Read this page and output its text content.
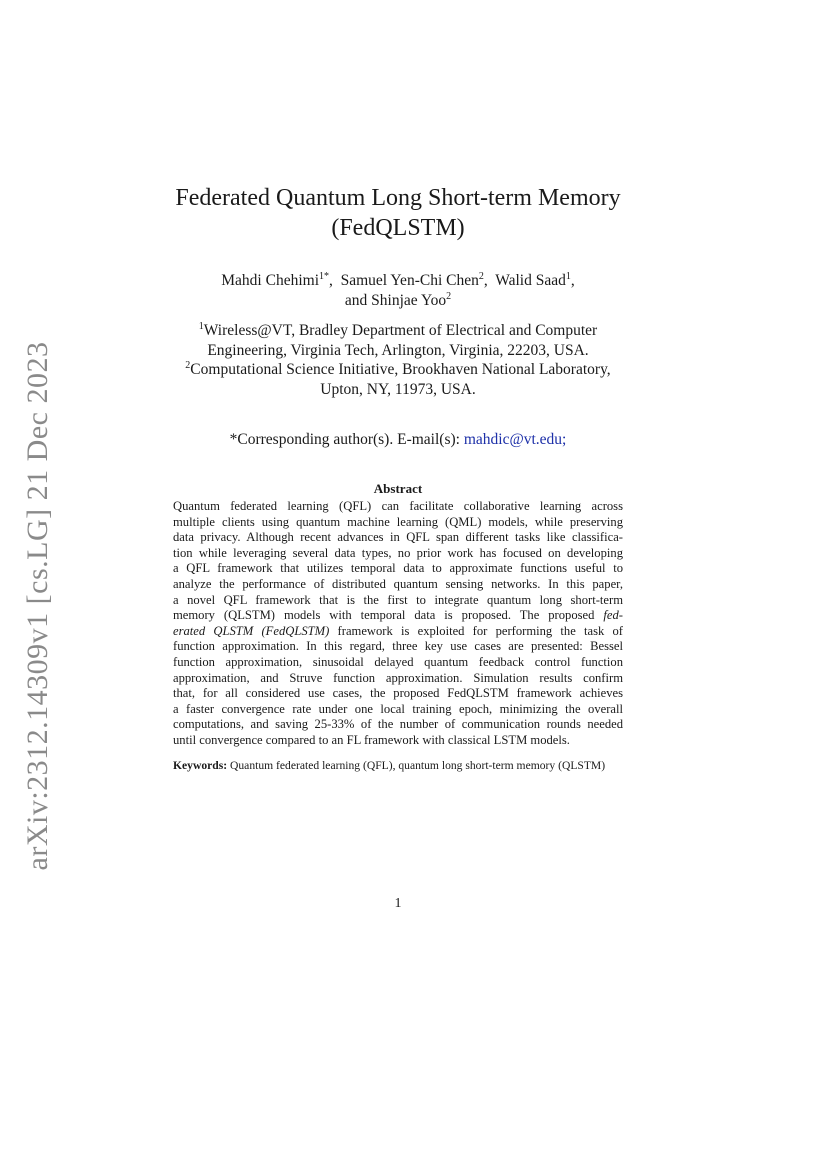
arXiv:2312.14309v1 [cs.LG] 21 Dec 2023
Federated Quantum Long Short-term Memory
(FedQLSTM)
Mahdi Chehimi$^{1*}$,  Samuel Yen-Chi Chen$^2$,  Walid Saad$^1$,
and Shinjae Yoo$^2$
$^1$Wireless@VT, Bradley Department of Electrical and Computer
Engineering, Virginia Tech, Arlington, Virginia, 22203, USA.
$^2$Computational Science Initiative, Brookhaven National Laboratory,
Upton, NY, 11973, USA.
*Corresponding author(s). E-mail(s): mahdic@vt.edu;
Abstract
Quantum federated learning (QFL) can facilitate collaborative learning across
multiple clients using quantum machine learning (QML) models, while preserving
data privacy. Although recent advances in QFL span different tasks like classifica-
tion while leveraging several data types, no prior work has focused on developing
a QFL framework that utilizes temporal data to approximate functions useful to
analyze the performance of distributed quantum sensing networks. In this paper,
a novel QFL framework that is the first to integrate quantum long short-term
memory (QLSTM) models with temporal data is proposed. The proposed fed-
erated QLSTM (FedQLSTM) framework is exploited for performing the task of
function approximation. In this regard, three key use cases are presented: Bessel
function approximation, sinusoidal delayed quantum feedback control function
approximation, and Struve function approximation. Simulation results confirm
that, for all considered use cases, the proposed FedQLSTM framework achieves
a faster convergence rate under one local training epoch, minimizing the overall
computations, and saving 25-33% of the number of communication rounds needed
until convergence compared to an FL framework with classical LSTM models.
Keywords: Quantum federated learning (QFL), quantum long short-term memory (QLSTM)
1
